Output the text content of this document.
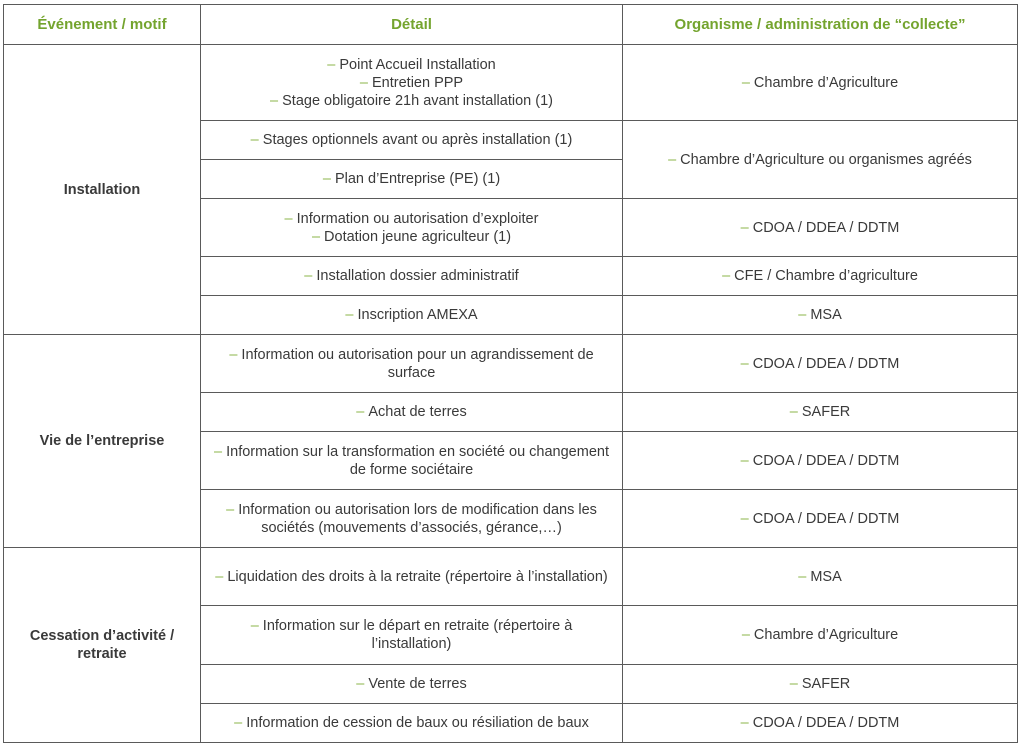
Événement / motif	Détail	Organisme / administration de “collecte”
Installation	– Point Accueil Installation
– Entretien PPP
– Stage obligatoire 21h avant installation (1)	– Chambre d’Agriculture

	– Stages optionnels avant ou après installation (1)	– Chambre d’Agriculture ou organismes agréés

	– Plan d’Entreprise (PE) (1)	

	– Information ou autorisation d’exploiter
– Dotation jeune agriculteur (1)	– CDOA / DDEA / DDTM

	– Installation dossier administratif	– CFE / Chambre d’agriculture

	– Inscription AMEXA	– MSA
Vie de l’entreprise	– Information ou autorisation pour un agrandissement de surface	– CDOA / DDEA / DDTM

	– Achat de terres	– SAFER

	– Information sur la transformation en société ou changement de forme sociétaire	– CDOA / DDEA / DDTM

	– Information ou autorisation lors de modification dans les sociétés (mouvements d’associés, gérance,…)	– CDOA / DDEA / DDTM
Cessation d’activité / retraite	– Liquidation des droits à la retraite (répertoire à l’installation)	– MSA

	– Information sur le départ en retraite (répertoire à l’installation)	– Chambre d’Agriculture

	– Vente de terres	– SAFER

	– Information de cession de baux ou résiliation de baux	– CDOA / DDEA / DDTM
